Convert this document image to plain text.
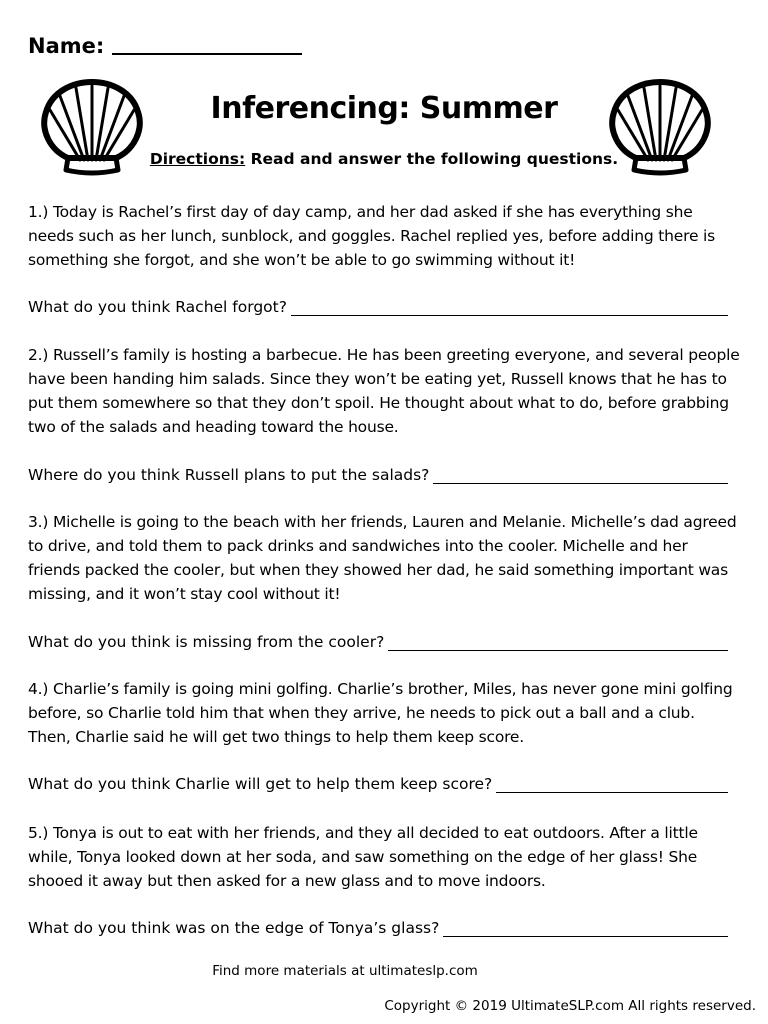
Name:
Inferencing: Summer
Directions: Read and answer the following questions.
1.) Today is Rachel’s first day of day camp, and her dad asked if she has everything she needs such as her lunch, sunblock, and goggles. Rachel replied yes, before adding there is something she forgot, and she won’t be able to go swimming without it!
What do you think Rachel forgot?
2.) Russell’s family is hosting a barbecue. He has been greeting everyone, and several people have been handing him salads. Since they won’t be eating yet, Russell knows that he has to put them somewhere so that they don’t spoil. He thought about what to do, before grabbing two of the salads and heading toward the house.
Where do you think Russell plans to put the salads?
3.) Michelle is going to the beach with her friends, Lauren and Melanie. Michelle’s dad agreed to drive, and told them to pack drinks and sandwiches into the cooler. Michelle and her friends packed the cooler, but when they showed her dad, he said something important was missing, and it won’t stay cool without it!
What do you think is missing from the cooler?
4.) Charlie’s family is going mini golfing. Charlie’s brother, Miles, has never gone mini golfing before, so Charlie told him that when they arrive, he needs to pick out a ball and a club. Then, Charlie said he will get two things to help them keep score.
What do you think Charlie will get to help them keep score?
5.) Tonya is out to eat with her friends, and they all decided to eat outdoors. After a little while, Tonya looked down at her soda, and saw something on the edge of her glass! She shooed it away but then asked for a new glass and to move indoors.
What do you think was on the edge of Tonya’s glass?
Find more materials at ultimateslp.com
Copyright © 2019 UltimateSLP.com All rights reserved.
